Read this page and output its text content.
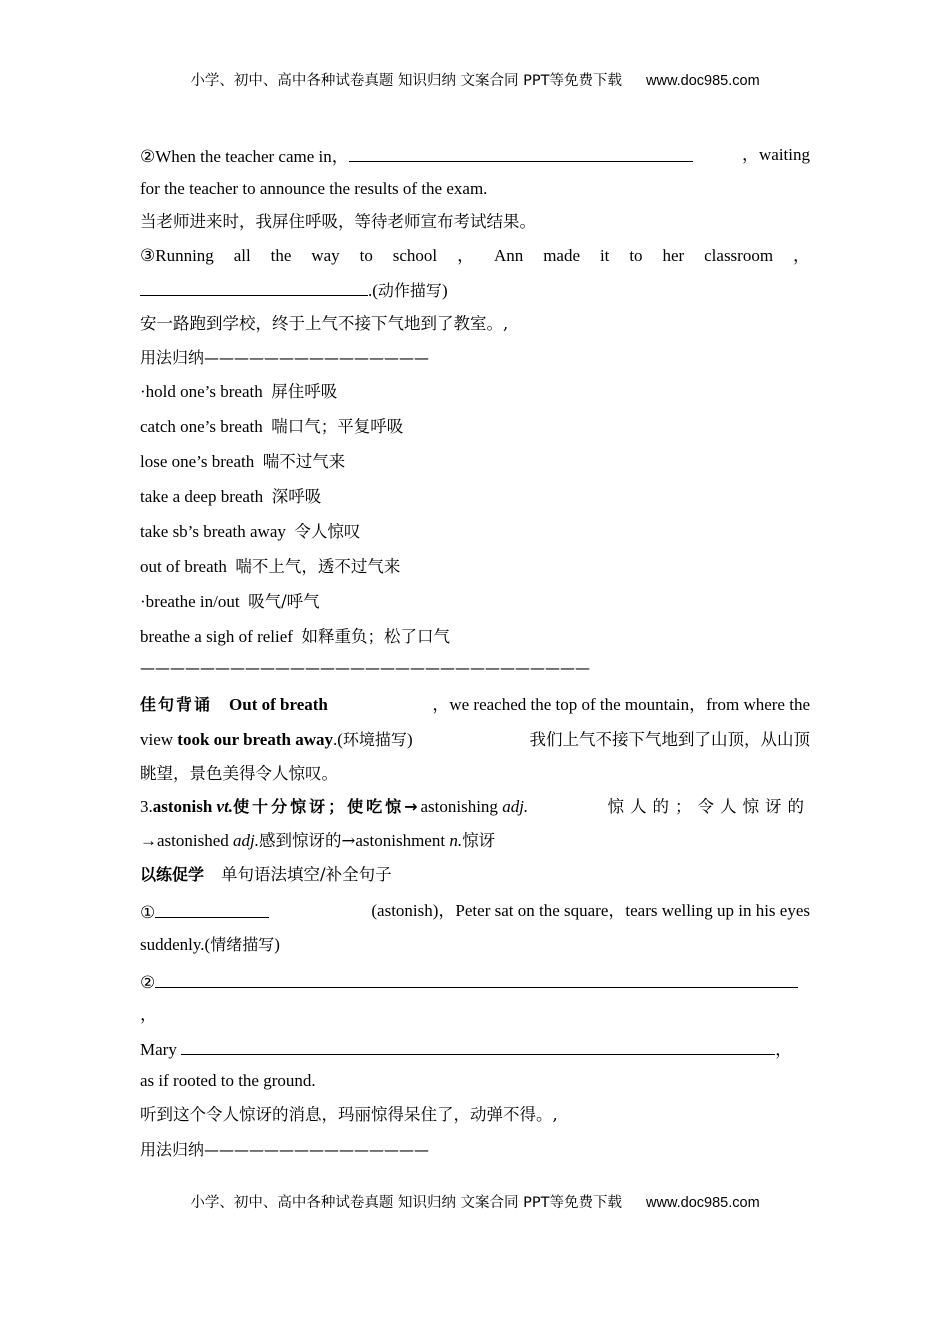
小学、初中、高中各种试卷真题 知识归纳 文案合同 PPT等免费下载 www.doc985.com
②When the teacher came in，	，waiting
for the teacher to announce the results of the exam.
当老师进来时，我屏住呼吸，等待老师宣布考试结果。
③Running all the way to school ， Ann made it to her classroom ，
.(动作描写)
安一路跑到学校，终于上气不接下气地到了教室。,
用法归纳———————————————
·hold one’s breath 屏住呼吸
catch one’s breath 喘口气；平复呼吸
lose one’s breath 喘不过气来
take a deep breath 深呼吸
take sb’s breath away 令人惊叹
out of breath 喘不上气，透不过气来
·breathe in/out 吸气/呼气
breathe a sigh of relief 如释重负；松了口气
——————————————————————————————
佳句背诵 Out of breath	，we reached the top of the mountain，from where the
view took our breath away.(环境描写)	我们上气不接下气地到了山顶，从山顶
眺望，景色美得令人惊叹。
3.astonish vt.使十分惊讶；使吃惊→astonishing adj.	惊人的；令人惊讶的
→astonished adj.感到惊讶的→astonishment n.惊讶
以练促学 单句语法填空/补全句子
①	(astonish)，Peter sat on the square，tears welling up in his eyes
suddenly.(情绪描写)
②
，
Mary	，
as if rooted to the ground.
听到这个令人惊讶的消息，玛丽惊得呆住了，动弹不得。,
用法归纳———————————————
小学、初中、高中各种试卷真题 知识归纳 文案合同 PPT等免费下载 www.doc985.com
